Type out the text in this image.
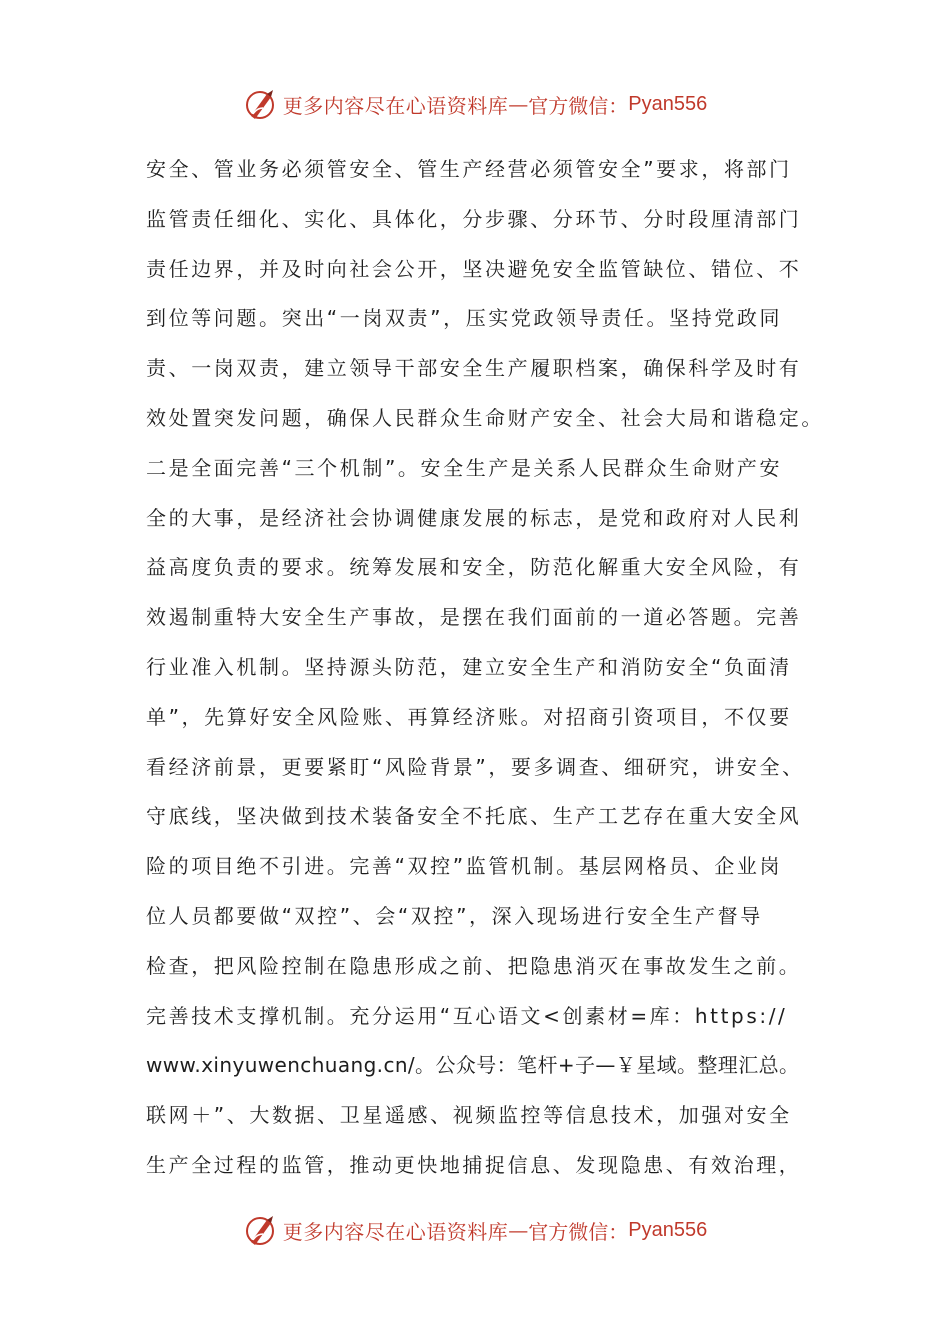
更多内容尽在心语资料库 — 官方微信： Pyan556
安全、管业务必须管安全、管生产经营必须管安全”要求，将部门
监管责任细化、实化、具体化，分步骤、分环节、分时段厘清部门
责任边界，并及时向社会公开，坚决避免安全监管缺位、错位、不
到位等问题。突出“一岗双责”，压实党政领导责任。坚持党政同
责、一岗双责，建立领导干部安全生产履职档案，确保科学及时有
效处置突发问题，确保人民群众生命财产安全、社会大局和谐稳定。
二是全面完善“三个机制”。安全生产是关系人民群众生命财产安
全的大事，是经济社会协调健康发展的标志，是党和政府对人民利
益高度负责的要求。统筹发展和安全，防范化解重大安全风险，有
效遏制重特大安全生产事故，是摆在我们面前的一道必答题。完善
行业准入机制。坚持源头防范，建立安全生产和消防安全“负面清
单”，先算好安全风险账、再算经济账。对招商引资项目，不仅要
看经济前景，更要紧盯“风险背景”，要多调查、细研究，讲安全、
守底线，坚决做到技术装备安全不托底、生产工艺存在重大安全风
险的项目绝不引进。完善“双控”监管机制。基层网格员、企业岗
位人员都要做“双控”、会“双控”，深入现场进行安全生产督导
检查，把风险控制在隐患形成之前、把隐患消灭在事故发生之前。
完善技术支撑机制。充分运用“互心语文<创素材=库：https://
www.xinyuwenchuang.cn/。公众号：笔杆+子—￥星域。整理汇总。
联网＋”、大数据、卫星遥感、视频监控等信息技术，加强对安全
生产全过程的监管，推动更快地捕捉信息、发现隐患、有效治理，
更多内容尽在心语资料库 — 官方微信： Pyan556
